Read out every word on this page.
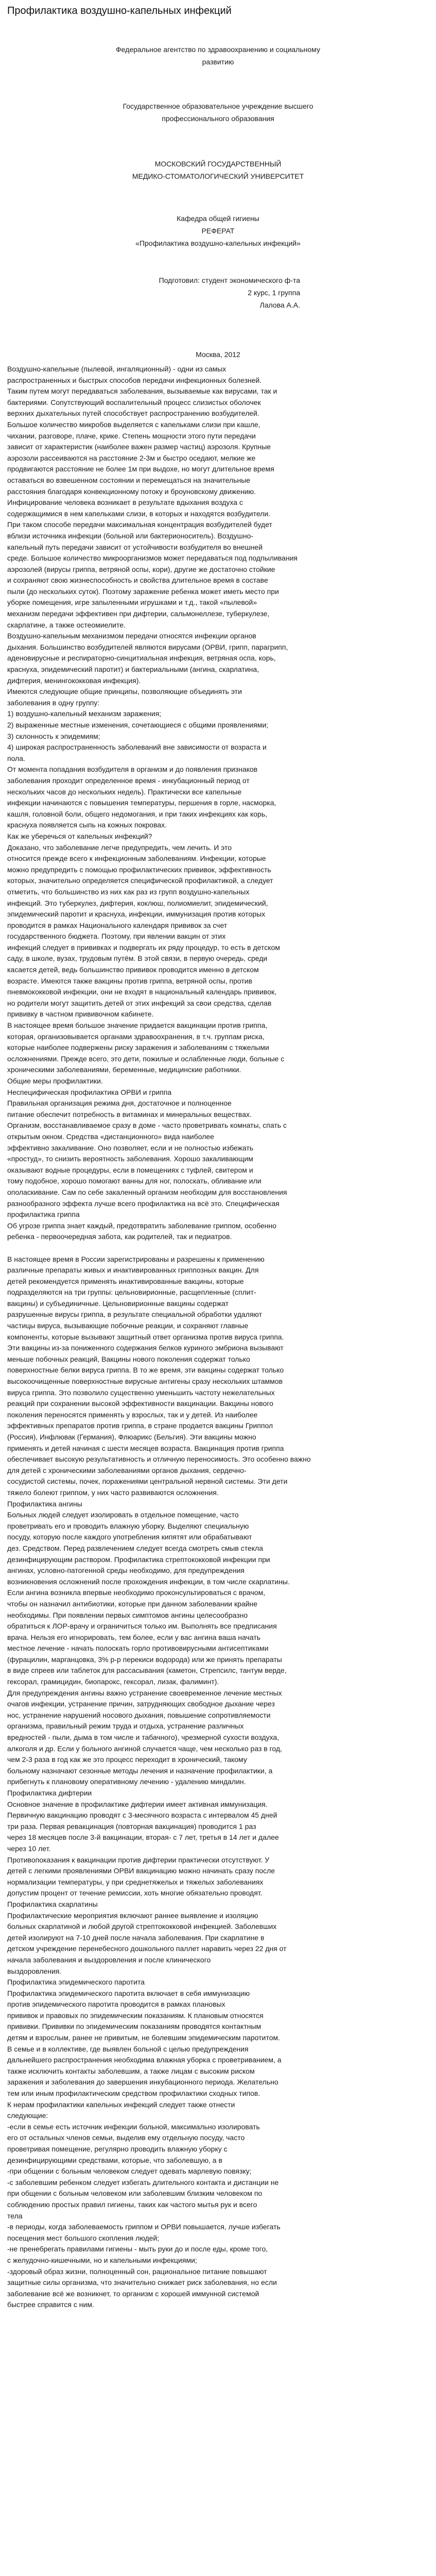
Профилактика воздушно-капельных инфекций
Федеральное агентство по здравоохранению и социальному
развитию
Государственное образовательное учреждение высшего
профессионального образования
МОСКОВСКИЙ ГОСУДАРСТВЕННЫЙ
МЕДИКО-СТОМАТОЛОГИЧЕСКИЙ УНИВЕРСИТЕТ
Кафедра общей гигиены
РЕФЕРАТ
«Профилактика воздушно-капельных инфекций»
Подготовил: студент экономического ф-та
2 курс, 1 группа
Лалова А.А.
Москва, 2012

Воздушно-капельные (пылевой, ингаляционный) - одни из самых

распространенных и быстрых способов передачи инфекционных болезней.

Таким путем могут передаваться заболевания, вызываемые как вирусами, так и

бактериями. Сопутствующий воспалительный процесс слизистых оболочек

верхних дыхательных путей способствует распространению возбудителей.

Большое количество микробов выделяется с капельками слизи при кашле,

чихании, разговоре, плаче, крике. Степень мощности этого пути передачи

зависит от характеристик (наиболее важен размер частиц) аэрозоля. Крупные

аэрозоли рассеиваются на расстояние 2-3м и быстро оседают, мелкие же

продвигаются расстояние не более 1м при выдохе, но могут длительное время

оставаться во взвешенном состоянии и перемещаться на значительные

расстояния благодаря конвекционному потоку и броуновскому движению.

Инфицирование человека возникает в результате вдыхания воздуха с

содержащимися в нем капельками слизи, в которых и находятся возбудители.

При таком способе передачи максимальная концентрация возбудителей будет

вблизи источника инфекции (больной или бактерионоситель). Воздушно-

капельный путь передачи зависит от устойчивости возбудителя во внешней

среде. Большое количество микроорганизмов может передаваться под подпыливания

аэрозолей (вирусы гриппа, ветряной оспы, кори), другие же достаточно стойкие

и сохраняют свою жизнеспособность и свойства длительное время в составе

пыли (до нескольких суток). Поэтому заражение ребенка может иметь место при

уборке помещения, игре запыленными игрушками и т.д., такой «пылевой»

механизм передачи эффективен при дифтерии, сальмонеллезе, туберкулезе,

скарлатине, а также остеомиелите.

Воздушно-капельным механизмом передачи относятся инфекции органов

дыхания. Большинство возбудителей являются вирусами (ОРВИ, грипп, парагрипп,

аденовирусные и респираторно-синцитиальная инфекция, ветряная оспа, корь,

краснуха, эпидемический паротит) и бактериальными (ангина, скарлатина,

дифтерия, менингококковая инфекция).

Имеются следующие общие принципы, позволяющие объединять эти

заболевания в одну группу:

1) воздушно-капельный механизм заражения;

2) выраженные местные изменения, сочетающиеся с общими проявлениями;

3) склонность к эпидемиям;

4) широкая распространенность заболеваний вне зависимости от возраста и

пола.

От момента попадания возбудителя в организм и до появления признаков

заболевания проходит определенное время - инкубационный период от

нескольких часов до нескольких недель). Практически все капельные

инфекции начинаются с повышения температуры, першения в горле, насморка,

кашля, головной боли, общего недомогания, и при таких инфекциях как корь,

краснуха появляется сыпь на кожных покровах.

Как же уберечься от капельных инфекций?

Доказано, что заболевание легче предупредить, чем лечить. И это

относится прежде всего к инфекционным заболеваниям. Инфекции, которые

можно предупредить с помощью профилактических прививок, эффективность

которых, значительно определяется специфической профилактикой, а следует

отметить, что большинство из них как раз из групп воздушно-капельных

инфекций. Это туберкулез, дифтерия, коклюш, полиомиелит, эпидемический,

эпидемический паротит и краснуха, инфекции, иммунизация против которых

проводится в рамках Национального календаря прививок за счет

государственного бюджета. Поэтому, при явлении вакцин от этих

инфекций следует в прививках и подвергать их ряду процедур, то есть в детском

саду, в школе, вузах, трудовым путём. В этой связи, в первую очередь, среди

касается детей, ведь большинство прививок проводится именно в детском

возрасте. Имеются также вакцины против гриппа, ветряной оспы, против

пневмококковой инфекции, они не входят в национальный календарь прививок,

но родители могут защитить детей от этих инфекций за свои средства, сделав

прививку в частном прививочном кабинете.

В настоящее время большое значение придается вакцинации против гриппа,

которая, организовывается органами здравоохранения, в т.ч. группам риска,

которые наиболее подвержены риску заражения и заболеваниям с тяжелыми

осложнениями. Прежде всего, это дети, пожилые и ослабленные люди, больные с

хроническими заболеваниями, беременные, медицинские работники.

Общие меры профилактики.

Неспецифическая профилактика ОРВИ и гриппа

Правильная организация режима дня, достаточное и полноценное

питание обеспечит потребность в витаминах и минеральных веществах.

Организм, восстанавливаемое сразу в доме - часто проветривать комнаты, спать с

открытым окном. Средства «дистанционного» вида наиболее

эффективно закаливание. Оно позволяет, если и не полностью избежать

«простуд», то снизить вероятность заболевания. Хорошо закаливающим

оказывают водные процедуры, если в помещениях с туфлей, свитером и

тому подобное, хорошо помогают ванны для ног, полоскать, обливание или

ополаскивание. Сам по себе закаленный организм необходим для восстановления

разнообразного эффекта лучше всего профилактика на всё это. Специфическая

профилактика гриппа

Об угрозе гриппа знает каждый, предотвратить заболевание гриппом, особенно

ребенка - первоочередная забота, как родителей, так и педиатров.

В настоящее время в России зарегистрированы и разрешены к применению

различные препараты живых и инактивированных гриппозных вакцин. Для

детей рекомендуется применять инактивированные вакцины, которые

подразделяются на три группы: цельновирионные, расщепленные (сплит-

вакцины) и субъединичные. Цельновирионные вакцины содержат

разрушенные вирусы гриппа, в результате специальной обработки удаляют

частицы вируса, вызывающие побочные реакции, и сохраняют главные

компоненты, которые вызывают защитный ответ организма против вируса гриппа.

Эти вакцины из-за пониженного содержания белков куриного эмбриона вызывают

меньше побочных реакций, Вакцины нового поколения содержат только

поверхностные белки вируса гриппа. В то же время, эти вакцины содержат только

высокоочищенные поверхностные вирусные антигены сразу нескольких штаммов

вируса гриппа. Это позволило существенно уменьшить частоту нежелательных

реакций при сохранении высокой эффективности вакцинации. Вакцины нового

поколения переносятся применять у взрослых, так и у детей. Из наиболее

эффективных препаратов против гриппа, в стране продается вакцины Гриппол

(Россия), Инфлювак (Германия), Флюарикс (Бельгия). Эти вакцины можно

применять и детей начиная с шести месяцев возраста. Вакцинация против гриппа

обеспечивает высокую результативность и отличную переносимость. Это особенно важно

для детей с хроническими заболеваниями органов дыхания, сердечно-

сосудистой системы, почек, поражениями центральной нервной системы. Эти дети

тяжело болеют гриппом, у них часто развиваются осложнения.

Профилактика ангины

Больных людей следует изолировать в отдельное помещение, часто

проветривать его и проводить влажную уборку. Выделяют специальную

посуду, которую после каждого употребления кипятят или обрабатывают

дез. Средством. Перед развлечением следует всегда смотреть смыв стекла

дезинфицирующим раствором. Профилактика стрептококковой инфекции при

ангинах, условно-патогенной среды необходимо, для предупреждения

возникновения осложнений после прохождения инфекции, в том числе скарлатины.

Если ангина возникла впервые необходимо проконсультироваться с врачом,

чтобы он назначил антибиотики, которые при данном заболевании крайне

необходимы. При появлении первых симптомов ангины целесообразно

обратиться к ЛОР-врачу и ограничиться только им. Выполнять все предписания

врача. Нельзя его игнорировать, тем более, если у вас ангина ваша начать

местное лечение - начать полоскать горло противовирусными антисептиками

(фурацилин, марганцовка, 3% р-р перекиси водорода) или же принять препараты

в виде спреев или таблеток для рассасывания (каметон, Стрепсилс, тантум верде,

гексорал, грамицидин, биопарокс, гексорал, лизак, фалиминт).

Для предупреждения ангины важно устранение своевременное лечение местных

очагов инфекции, устранение причин, затрудняющих свободное дыхание через

нос, устранение нарушений носового дыхания, повышение сопротивляемости

организма, правильный режим труда и отдыха, устранение различных

вредностей - пыли, дыма в том числе и табачного), чрезмерной сухости воздуха,

алкоголя и др. Если у больного ангиной случается чаще, чем несколько раз в год,

чем 2-3 раза в год как же это процесс переходит в хронический, такому

больному назначают сезонные методы лечения и назначение профилактики, а

прибегнуть к плановому оперативному лечению - удалению миндалин.

Профилактика дифтерии

Основное значение в профилактике дифтерии имеет активная иммунизация.

Первичную вакцинацию проводят с 3-месячного возраста с интервалом 45 дней

три раза. Первая ревакцинация (повторная вакцинация) проводится 1 раз

через 18 месяцев после 3-й вакцинации, вторая- с 7 лет, третья в 14 лет и далее

через 10 лет.

Противопоказания к вакцинации против дифтерии практически отсутствуют. У

детей с легкими проявлениями ОРВИ вакцинацию можно начинать сразу после

нормализации температуры, у при среднетяжелых и тяжелых заболеваниях

допустим процент от течение ремиссии, хоть многие обязательно проводят.

Профилактика скарлатины

Профилактические мероприятия включают раннее выявление и изоляцию

больных скарлатиной и любой другой стрептококковой инфекцией. Заболевших

детей изолируют на 7-10 дней после начала заболевания. При скарлатине в

детском учреждение перенебесного дошкольного паллет наравить через 22 дня от

начала заболевания и выздоровления и после клинического

выздоровления.

Профилактика эпидемического паротита

Профилактика эпидемического паротита включает в себя иммунизацию

против эпидемического паротита проводится в рамках плановых

прививок и правовых по эпидемическим показаниям. К плановым относятся

прививки. Прививки по эпидемическим показаниям проводятся контактным

детям и взрослым, ранее не привитым, не болевшим эпидемическим паротитом.

В семье и в коллективе, где выявлен больной с целью предупреждения

дальнейшего распространения необходима влажная уборка с проветриванием, а

также исключить контакты заболевшим, а также лицам с высоким риском

заражения и заболевания до завершения инкубационного периода. Желательно

тем или иным профилактическим средством профилактики сходных типов.

К нерам профилактики капельных инфекций следует также отнести

следующие:

-если в семье есть источник инфекции больной, максимально изолировать

его от остальных членов семьи, выделив ему отдельную посуду, часто

проветривая помещение, регулярно проводить влажную уборку с

дезинфицирующими средствами, которые, что заболевшую, а в

-при общении с больным человеком следует одевать марлевую повязку;

-с заболевшим ребенком следует избегать длительного контакта и дистанции не

при общении с больным человеком или заболевшим близким человеком по

соблюдению простых правил гигиены, таких как частого мытья рук и всего

тела

-в периоды, когда заболеваемость гриппом и ОРВИ повышается, лучше избегать

посещения мест большого скопления людей;

-не пренебрегать правилами гигиены - мыть руки до и после еды, кроме того,

с желудочно-кишечными, но и капельными инфекциями;

-здоровый образ жизни, полноценный сон, рациональное питание повышают

защитные силы организма, что значительно снижает риск заболевания, но если

заболевание всё же возникнет, то организм с хорошей иммунной системой

быстрее справится с ним.
